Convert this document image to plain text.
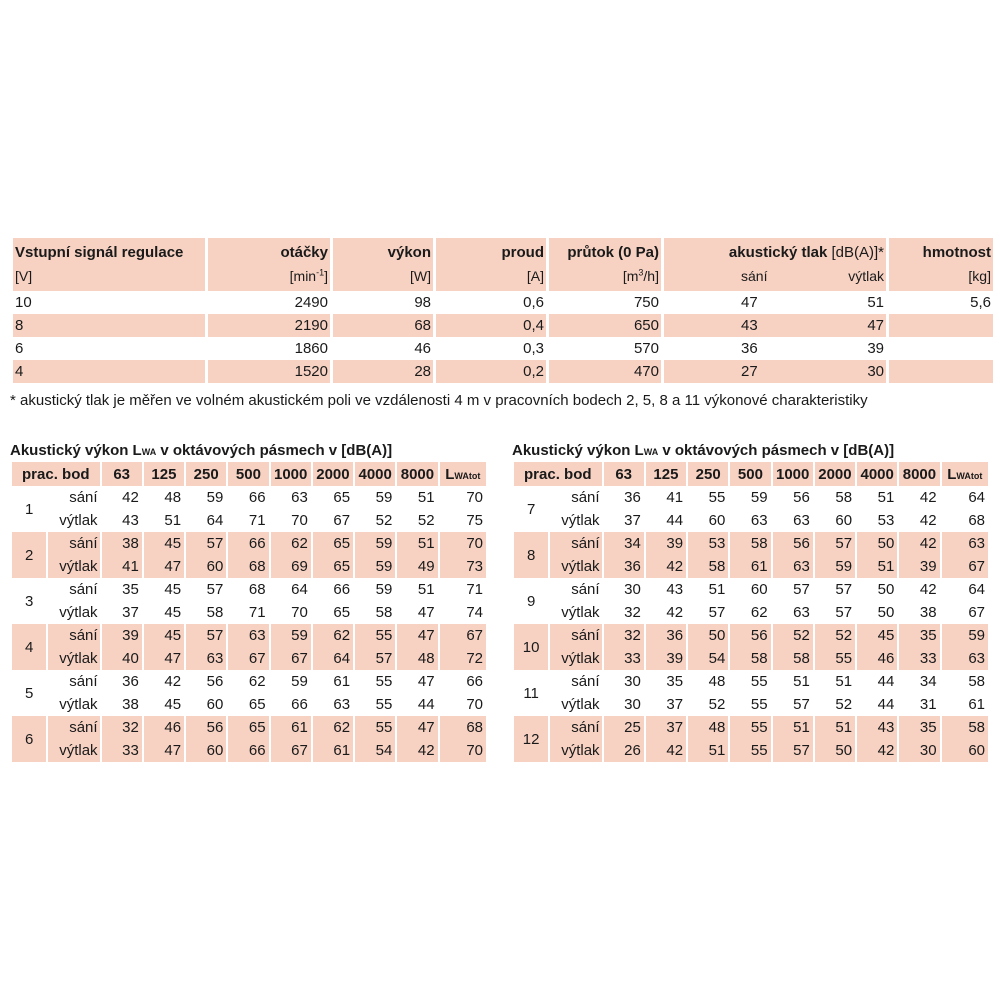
Vstupní signál regulace	otáčky	výkon	proud	průtok (0 Pa)	akustický tlak [dB(A)]*	hmotnost
[V]	$[\min^{-1}]$	[W]	[A]	$[m^3/h]$	sání výtlak	[kg]
10	2490	98	0,6	750	47 51	5,6
8	2190	68	0,4	650	43 47	

6	1860	46	0,3	570	36 39	

4	1520	28	0,2	470	27 30	

* akustický tlak je měřen ve volném akustickém poli ve vzdálenosti 4 m v pracovních bodech 2, 5, 8 a 11 výkonové charakteristiky
Akustický výkon LWA v oktávových pásmech v [dB(A)]
prac. bod		63	125	250	500	1000	2000	4000	8000	LWAtot
1	sání	42	48	59	66	63	65	59	51	70
	výtlak	43	51	64	71	70	67	52	52	75
2	sání	38	45	57	66	62	65	59	51	70
	výtlak	41	47	60	68	69	65	59	49	73
3	sání	35	45	57	68	64	66	59	51	71
	výtlak	37	45	58	71	70	65	58	47	74
4	sání	39	45	57	63	59	62	55	47	67
	výtlak	40	47	63	67	67	64	57	48	72
5	sání	36	42	56	62	59	61	55	47	66
	výtlak	38	45	60	65	66	63	55	44	70
6	sání	32	46	56	65	61	62	55	47	68
	výtlak	33	47	60	66	67	61	54	42	70
Akustický výkon LWA v oktávových pásmech v [dB(A)]
prac. bod		63	125	250	500	1000	2000	4000	8000	LWAtot
7	sání	36	41	55	59	56	58	51	42	64
	výtlak	37	44	60	63	63	60	53	42	68
8	sání	34	39	53	58	56	57	50	42	63
	výtlak	36	42	58	61	63	59	51	39	67
9	sání	30	43	51	60	57	57	50	42	64
	výtlak	32	42	57	62	63	57	50	38	67
10	sání	32	36	50	56	52	52	45	35	59
	výtlak	33	39	54	58	58	55	46	33	63
11	sání	30	35	48	55	51	51	44	34	58
	výtlak	30	37	52	55	57	52	44	31	61
12	sání	25	37	48	55	51	51	43	35	58
	výtlak	26	42	51	55	57	50	42	30	60
